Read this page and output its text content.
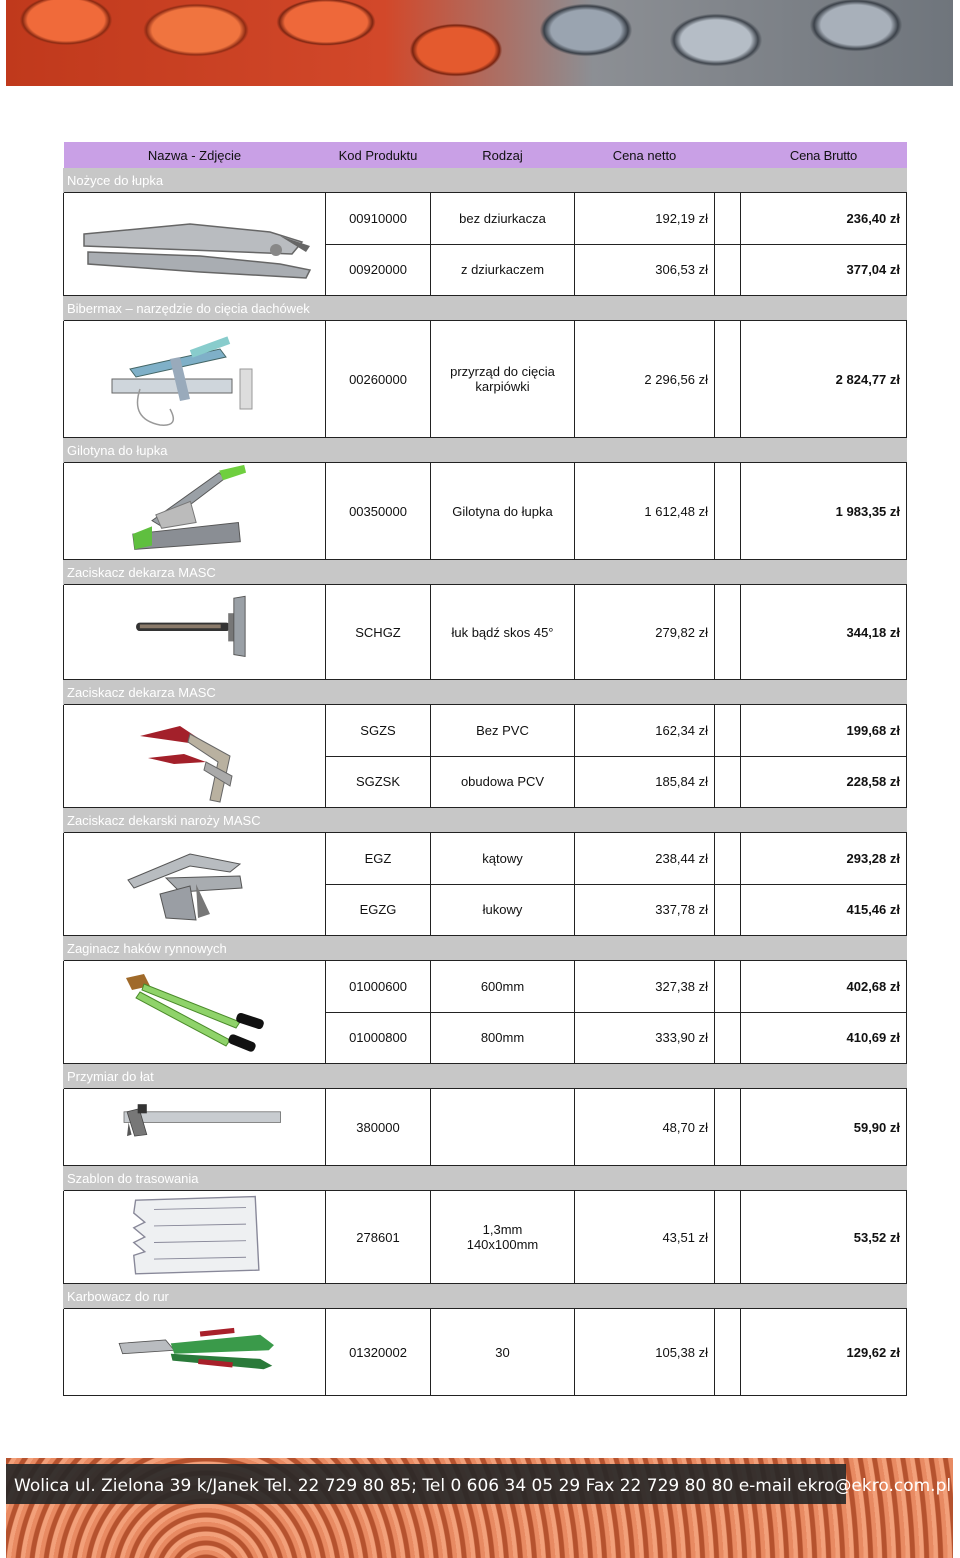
Nazwa - Zdjęcie	Kod Produktu	Rodzaj	Cena netto		Cena Brutto
Nożyce do łupka					

	00910000	bez dziurkacza	192,19 zł		236,40 zł
	00920000	z dziurkaczem	306,53 zł		377,04 zł
Bibermax – narzędzie do cięcia dachówek					

	00260000	przyrząd do cięcia
karpiówki	2 296,56 zł		2 824,77 zł
Gilotyna do łupka					

	00350000	Gilotyna do łupka	1 612,48 zł		1 983,35 zł
Zaciskacz dekarza MASC					

	SCHGZ	łuk bądź skos 45°	279,82 zł		344,18 zł
Zaciskacz dekarza MASC					

	SGZS	Bez PVC	162,34 zł		199,68 zł
	SGZSK	obudowa PCV	185,84 zł		228,58 zł
Zaciskacz dekarski naroży MASC					

	EGZ	kątowy	238,44 zł		293,28 zł
	EGZG	łukowy	337,78 zł		415,46 zł
Zaginacz haków rynnowych					

	01000600	600mm	327,38 zł		402,68 zł
	01000800	800mm	333,90 zł		410,69 zł
Przymiar do łat					

	380000		48,70 zł		59,90 zł
Szablon do trasowania					

	278601	1,3mm
140x100mm	43,51 zł		53,52 zł
Karbowacz do rur					

	01320002	30	105,38 zł		129,62 zł
Wolica ul. Zielona 39 k/Janek Tel. 22 729 80 85; Tel 0 606 34 05 29 Fax 22 729 80 80 e-mail ekro@ekro.com.pl
